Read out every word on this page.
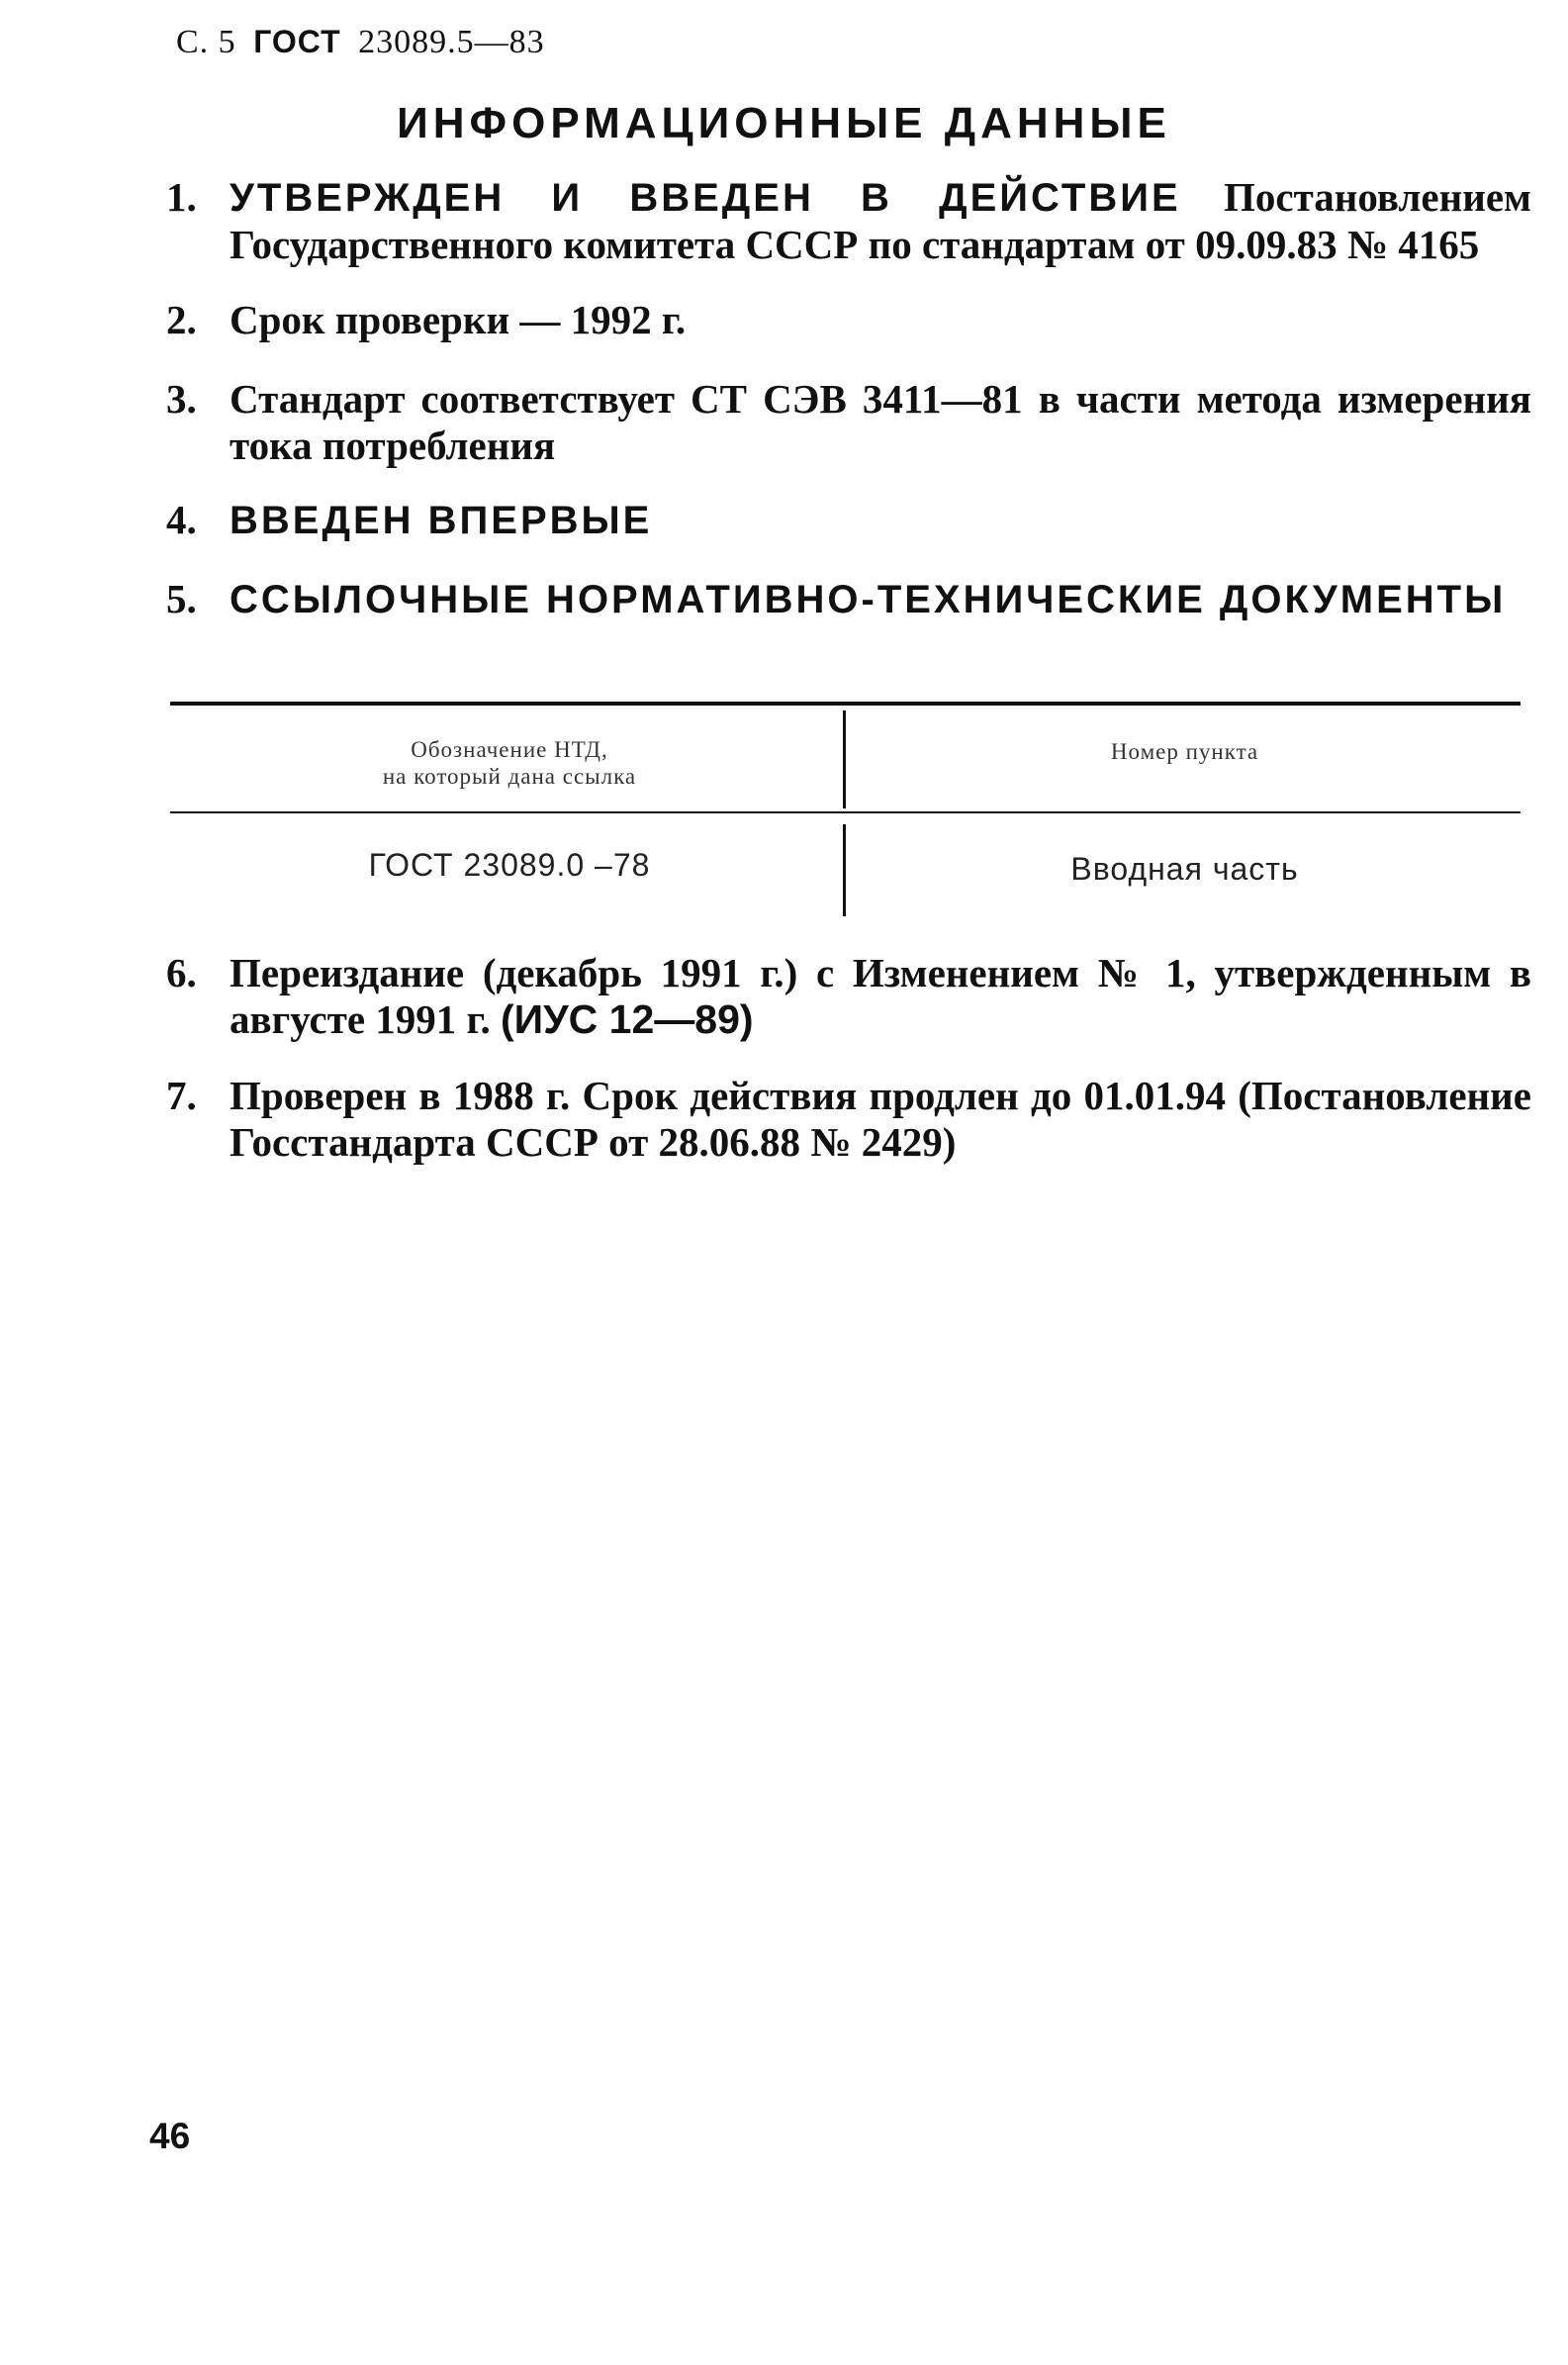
С. 5 ГОСТ 23089.5—83
ИНФОРМАЦИОННЫЕ ДАННЫЕ
1. УТВЕРЖДЕН И ВВЕДЕН В ДЕЙСТВИЕ Постановлением Государственного комитета СССР по стандартам от 09.09.83 № 4165
2. Срок проверки — 1992 г.
3. Стандарт соответствует СТ СЭВ 3411—81 в части метода измерения тока потребления
4. ВВЕДЕН ВПЕРВЫЕ
5. ССЫЛОЧНЫЕ НОРМАТИВНО-ТЕХНИЧЕСКИЕ ДОКУМЕНТЫ
Обозначение НТД,
на который дана ссылка
Номер пункта
ГОСТ 23089.0 –78	Вводная часть
6. Переиздание (декабрь 1991 г.) с Изменением № 1, утвержденным в августе 1991 г. (ИУС 12—89)
7. Проверен в 1988 г. Срок действия продлен до 01.01.94 (Постановление Госстандарта СССР от 28.06.88 № 2429)
46
